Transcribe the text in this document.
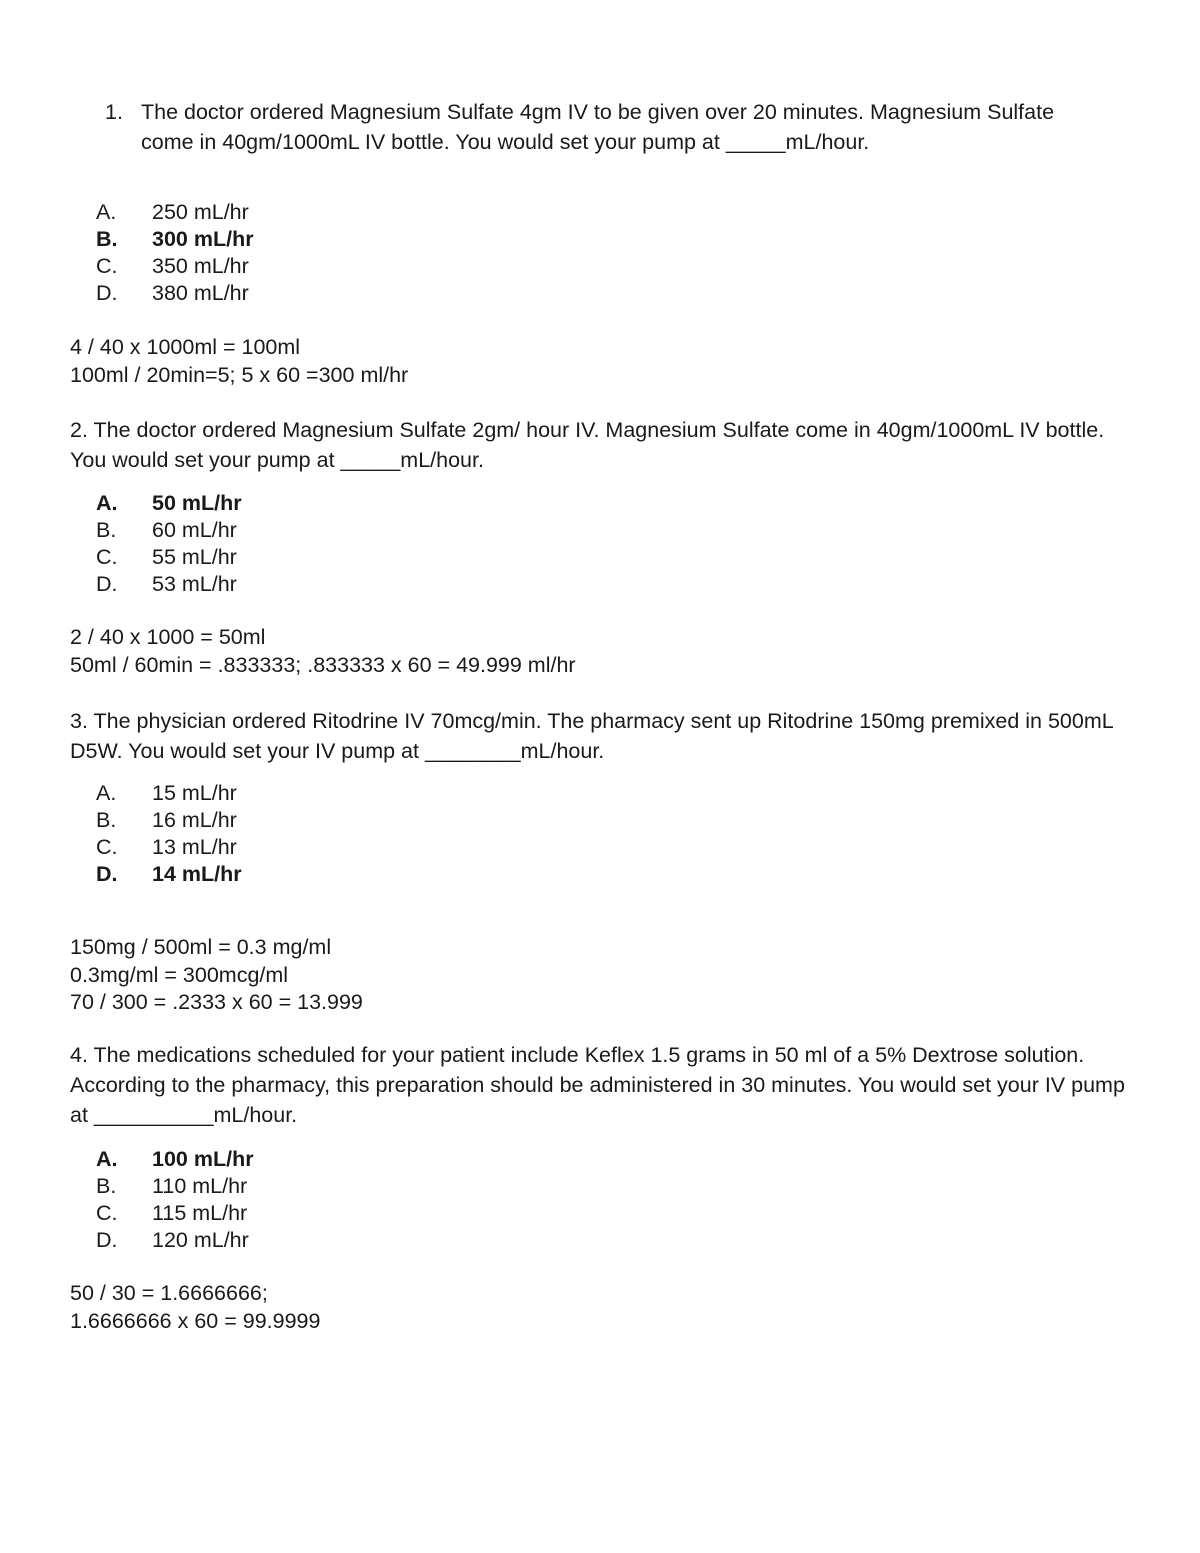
1. The doctor ordered Magnesium Sulfate 4gm IV to be given over 20 minutes. Magnesium Sulfate come in 40gm/1000mL IV bottle. You would set your pump at _____mL/hour.
A. 250 mL/hr
B. 300 mL/hr
C. 350 mL/hr
D. 380 mL/hr
4 / 40 x 1000ml = 100ml
100ml / 20min=5; 5 x 60 =300 ml/hr
2. The doctor ordered Magnesium Sulfate 2gm/ hour IV. Magnesium Sulfate come in 40gm/1000mL IV bottle. You would set your pump at _____mL/hour.
A. 50 mL/hr
B. 60 mL/hr
C. 55 mL/hr
D. 53 mL/hr
2 / 40 x 1000 = 50ml
50ml / 60min = .833333; .833333 x 60 = 49.999 ml/hr
3. The physician ordered Ritodrine IV 70mcg/min. The pharmacy sent up Ritodrine 150mg premixed in 500mL D5W. You would set your IV pump at ________mL/hour.
A. 15 mL/hr
B. 16 mL/hr
C. 13 mL/hr
D. 14 mL/hr
150mg / 500ml = 0.3 mg/ml
0.3mg/ml = 300mcg/ml
70 / 300 = .2333 x 60 = 13.999
4. The medications scheduled for your patient include Keflex 1.5 grams in 50 ml of a 5% Dextrose solution. According to the pharmacy, this preparation should be administered in 30 minutes. You would set your IV pump at __________mL/hour.
A. 100 mL/hr
B. 110 mL/hr
C. 115 mL/hr
D. 120 mL/hr
50 / 30 = 1.6666666;
1.6666666 x 60 = 99.9999
